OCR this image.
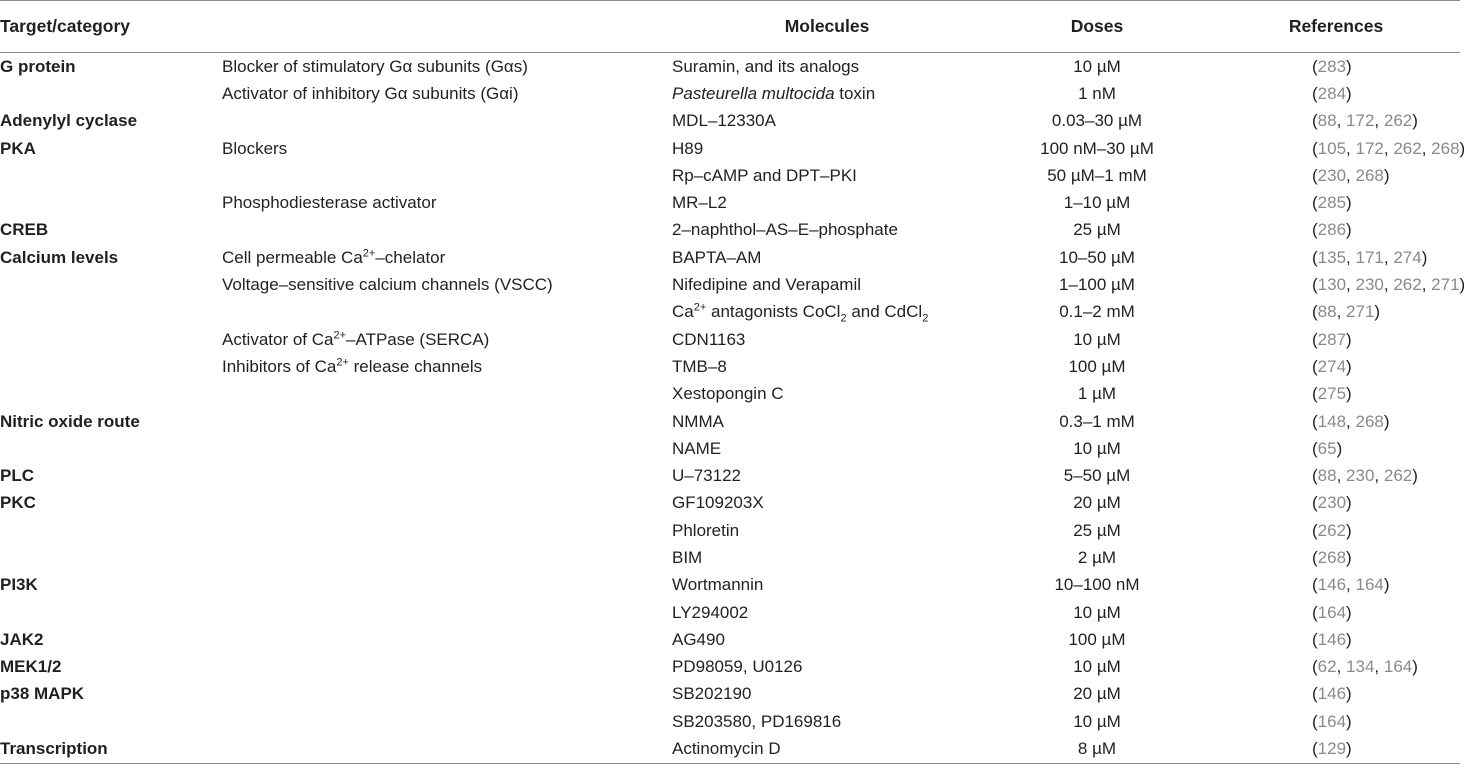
Target/category		Molecules	Doses	References
G protein	Blocker of stimulatory Gα subunits (Gαs)	Suramin, and its analogs	10 µM	(283)
	Activator of inhibitory Gα subunits (Gαi)	Pasteurella multocida toxin	1 nM	(284)
Adenylyl cyclase		MDL–12330A	0.03–30 µM	(88, 172, 262)
PKA	Blockers	H89	100 nM–30 µM	(105, 172, 262, 268)
		Rp–cAMP and DPT–PKI	50 µM–1 mM	(230, 268)
	Phosphodiesterase activator	MR–L2	1–10 µM	(285)
CREB		2–naphthol–AS–E–phosphate	25 µM	(286)
Calcium levels	Cell permeable $Ca^{2+}$–chelator	BAPTA–AM	10–50 µM	(135, 171, 274)
	Voltage–sensitive calcium channels (VSCC)	Nifedipine and Verapamil	1–100 µM	(130, 230, 262, 271)
		$Ca^{2+}$ antagonists CoCl$_2$ and CdCl$_2$	0.1–2 mM	(88, 271)
	Activator of $Ca^{2+}$–ATPase (SERCA)	CDN1163	10 µM	(287)
	Inhibitors of $Ca^{2+}$ release channels	TMB–8	100 µM	(274)
		Xestopongin C	1 µM	(275)
Nitric oxide route		NMMA	0.3–1 mM	(148, 268)
		NAME	10 µM	(65)
PLC		U–73122	5–50 µM	(88, 230, 262)
PKC		GF109203X	20 µM	(230)
		Phloretin	25 µM	(262)
		BIM	2 µM	(268)
PI3K		Wortmannin	10–100 nM	(146, 164)
		LY294002	10 µM	(164)
JAK2		AG490	100 µM	(146)
MEK1/2		PD98059, U0126	10 µM	(62, 134, 164)
p38 MAPK		SB202190	20 µM	(146)
		SB203580, PD169816	10 µM	(164)
Transcription		Actinomycin D	8 µM	(129)
